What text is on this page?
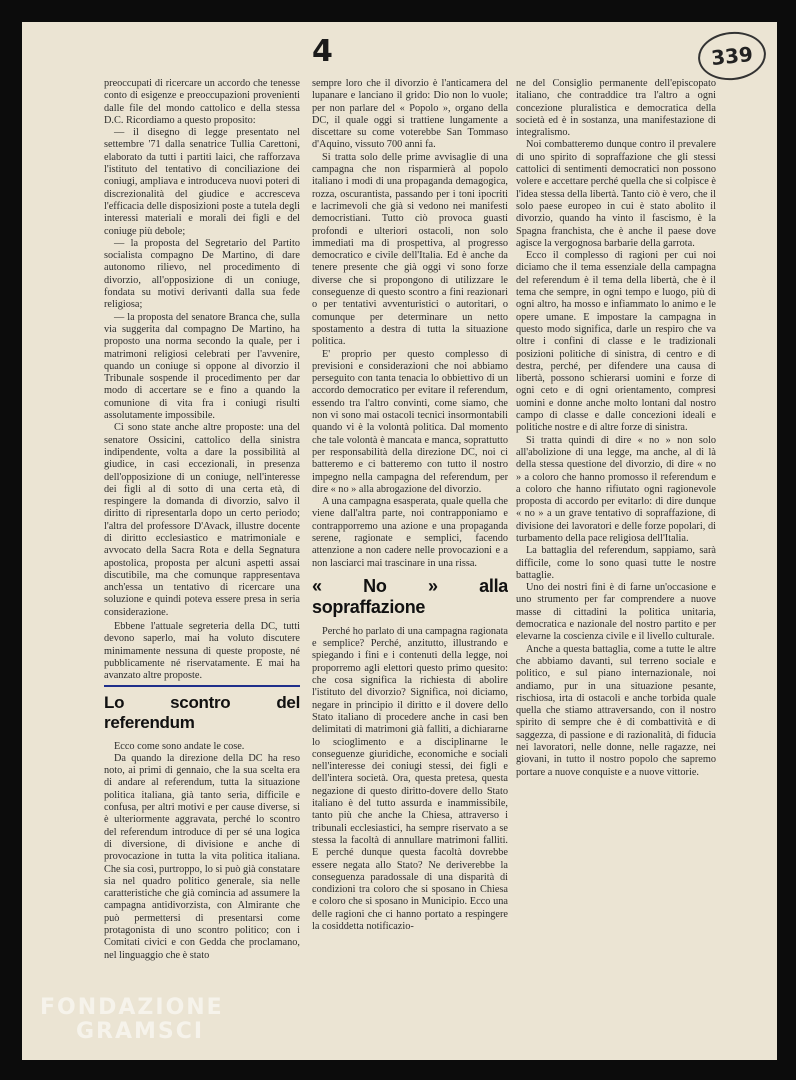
4	339

preoccupati di ricercare un accordo che tenesse conto di esigenze e preoccupazioni provenienti dalle file del mondo cattolico e della stessa D.C. Ricordiamo a questo proposito:

— il disegno di legge presentato nel settembre '71 dalla senatrice Tullia Carettoni, elaborato da tutti i partiti laici, che rafforzava l'istituto del tentativo di conciliazione dei coniugi, ampliava e introduceva nuovi poteri di discrezionalità del giudice e accresceva l'efficacia delle disposizioni poste a tutela degli interessi materiali e morali dei figli e del coniuge più debole;

— la proposta del Segretario del Partito socialista compagno De Martino, di dare autonomo rilievo, nel procedimento di divorzio, all'opposizione di un coniuge, fondata su motivi derivanti dalla sua fede religiosa;

— la proposta del senatore Branca che, sulla via suggerita dal compagno De Martino, ha proposto una norma secondo la quale, per i matrimoni religiosi celebrati per l'avvenire, quando un coniuge si oppone al divorzio il Tribunale sospende il procedimento per dar modo di accertare se e fino a quando la comunione di vita fra i coniugi risulti assolutamente impossibile.

Ci sono state anche altre proposte: una del senatore Ossicini, cattolico della sinistra indipendente, volta a dare la possibilità al giudice, in casi eccezionali, in presenza dell'opposizione di un coniuge, nell'interesse dei figli al di sotto di una certa età, di respingere la domanda di divorzio, salvo il diritto di ripresentarla dopo un certo periodo; l'altra del professore D'Avack, illustre docente di diritto ecclesiastico e matrimoniale e avvocato della Sacra Rota e della Segnatura apostolica, proposta per alcuni aspetti assai discutibile, ma che comunque rappresentava anch'essa un tentativo di ricercare una soluzione e quindi poteva essere presa in seria considerazione.

Ebbene l'attuale segreteria della DC, tutti devono saperlo, mai ha voluto discutere minimamente nessuna di queste proposte, né pubblicamente né riservatamente. E mai ha avanzato altre proposte.

Lo scontro del referendum

Ecco come sono andate le cose.

Da quando la direzione della DC ha reso noto, ai primi di gennaio, che la sua scelta era di andare al referendum, tutta la situazione politica italiana, già tanto seria, difficile e confusa, per altri motivi e per cause diverse, si è ulteriormente aggravata, perché lo scontro del referendum introduce di per sé una logica di diversione, di divisione e anche di provocazione in tutta la vita politica italiana. Che sia così, purtroppo, lo si può già constatare sia nel quadro politico generale, sia nelle caratteristiche che già comincia ad assumere la campagna antidivorzista, con Almirante che può permettersi di presentarsi come protagonista di uno scontro politico; con i Comitati civici e con Gedda che proclamano, nel linguaggio che è stato

sempre loro che il divorzio è l'anticamera del lupanare e lanciano il grido: Dio non lo vuole; per non parlare del « Popolo », organo della DC, il quale oggi si trattiene lungamente a discettare su come voterebbe San Tommaso d'Aquino, vissuto 700 anni fa.

Si tratta solo delle prime avvisaglie di una campagna che non risparmierà al popolo italiano i modi di una propaganda demagogica, rozza, oscurantista, passando per i toni ipocriti e lacrimevoli che già si vedono nei manifesti democristiani. Tutto ciò provoca guasti profondi e ulteriori ostacoli, non solo immediati ma di prospettiva, al progresso democratico e civile dell'Italia. Ed è anche da tenere presente che già oggi vi sono forze diverse che si propongono di utilizzare le conseguenze di questo scontro a fini reazionari o per tentativi avventuristici o autoritari, o comunque per determinare un netto spostamento a destra di tutta la situazione politica.

E' proprio per questo complesso di previsioni e considerazioni che noi abbiamo perseguito con tanta tenacia lo obbiettivo di un accordo democratico per evitare il referendum, essendo tra l'altro convinti, come siamo, che non vi sono mai ostacoli tecnici insormontabili quando vi è la volontà politica. Dal momento che tale volontà è mancata e manca, soprattutto per responsabilità della direzione DC, noi ci batteremo e ci batteremo con tutto il nostro impegno nella campagna del referendum, per dire « no » alla abrogazione del divorzio.

A una campagna esasperata, quale quella che viene dall'altra parte, noi contrapponiamo e contrapporremo una azione e una propaganda serene, ragionate e semplici, facendo attenzione a non cadere nelle provocazioni e a non lasciarci mai trascinare in una rissa.

« No » alla sopraffazione

Perché ho parlato di una campagna ragionata e semplice? Perché, anzitutto, illustrando e spiegando i fini e i contenuti della legge, noi proporremo agli elettori questo primo quesito: che cosa significa la richiesta di abolire l'istituto del divorzio? Significa, noi diciamo, negare in principio il diritto e il dovere dello Stato italiano di procedere anche in casi ben delimitati di matrimoni già falliti, a dichiararne lo scioglimento e a disciplinarne le conseguenze giuridiche, economiche e sociali nell'interesse dei coniugi stessi, dei figli e dell'intera società. Ora, questa pretesa, questa negazione di questo diritto-dovere dello Stato italiano è del tutto assurda e inammissibile, tanto più che anche la Chiesa, attraverso i tribunali ecclesiastici, ha sempre riservato a se stessa la facoltà di annullare matrimoni falliti. E perché dunque questa facoltà dovrebbe essere negata allo Stato? Ne deriverebbe la conseguenza paradossale di una disparità di condizioni tra coloro che si sposano in Chiesa e coloro che si sposano in Municipio. Ecco una delle ragioni che ci hanno portato a respingere la cosiddetta notificazio-

ne del Consiglio permanente dell'episcopato italiano, che contraddice tra l'altro a ogni concezione pluralistica e democratica della società ed è in sostanza, una manifestazione di integralismo.

Noi combatteremo dunque contro il prevalere di uno spirito di sopraffazione che gli stessi cattolici di sentimenti democratici non possono volere e accettare perché quella che si colpisce è l'idea stessa della libertà. Tanto ciò è vero, che il solo paese europeo in cui è stato abolito il divorzio, quando ha vinto il fascismo, è la Spagna franchista, che è anche il paese dove agisce la vergognosa barbarie della garrota.

Ecco il complesso di ragioni per cui noi diciamo che il tema essenziale della campagna del referendum è il tema della libertà, che è il tema che sempre, in ogni tempo e luogo, più di ogni altro, ha mosso e infiammato lo animo e le opere umane. E impostare la campagna in questo modo significa, darle un respiro che va oltre i confini di classe e le tradizionali posizioni politiche di sinistra, di centro e di destra, perché, per difendere una causa di libertà, possono schierarsi uomini e forze di ogni ceto e di ogni orientamento, compresi uomini e donne anche molto lontani dal nostro campo di classe e dalle concezioni ideali e politiche nostre e di altre forze di sinistra.

Si tratta quindi di dire « no » non solo all'abolizione di una legge, ma anche, al di là della stessa questione del divorzio, di dire « no » a coloro che hanno promosso il referendum e a coloro che hanno rifiutato ogni ragionevole proposta di accordo per evitarlo: di dire dunque « no » a un grave tentativo di sopraffazione, di divisione dei lavoratori e delle forze popolari, di turbamento della pace religiosa dell'Italia.

La battaglia del referendum, sappiamo, sarà difficile, come lo sono quasi tutte le nostre battaglie.

Uno dei nostri fini è di farne un'occasione e uno strumento per far comprendere a nuove masse di cittadini la politica unitaria, democratica e nazionale del nostro partito e per elevarne la coscienza civile e il livello culturale.

Anche a questa battaglia, come a tutte le altre che abbiamo davanti, sul terreno sociale e politico, e sul piano internazionale, noi andiamo, pur in una situazione pesante, rischiosa, irta di ostacoli e anche torbida quale quella che stiamo attraversando, con il nostro spirito di sempre che è di combattività e di saggezza, di passione e di razionalità, di fiducia nei lavoratori, nelle donne, nelle ragazze, nei giovani, in tutto il nostro popolo che sapremo portare a nuove conquiste e a nuove vittorie.

FONDAZIONE
GRAMSCI
